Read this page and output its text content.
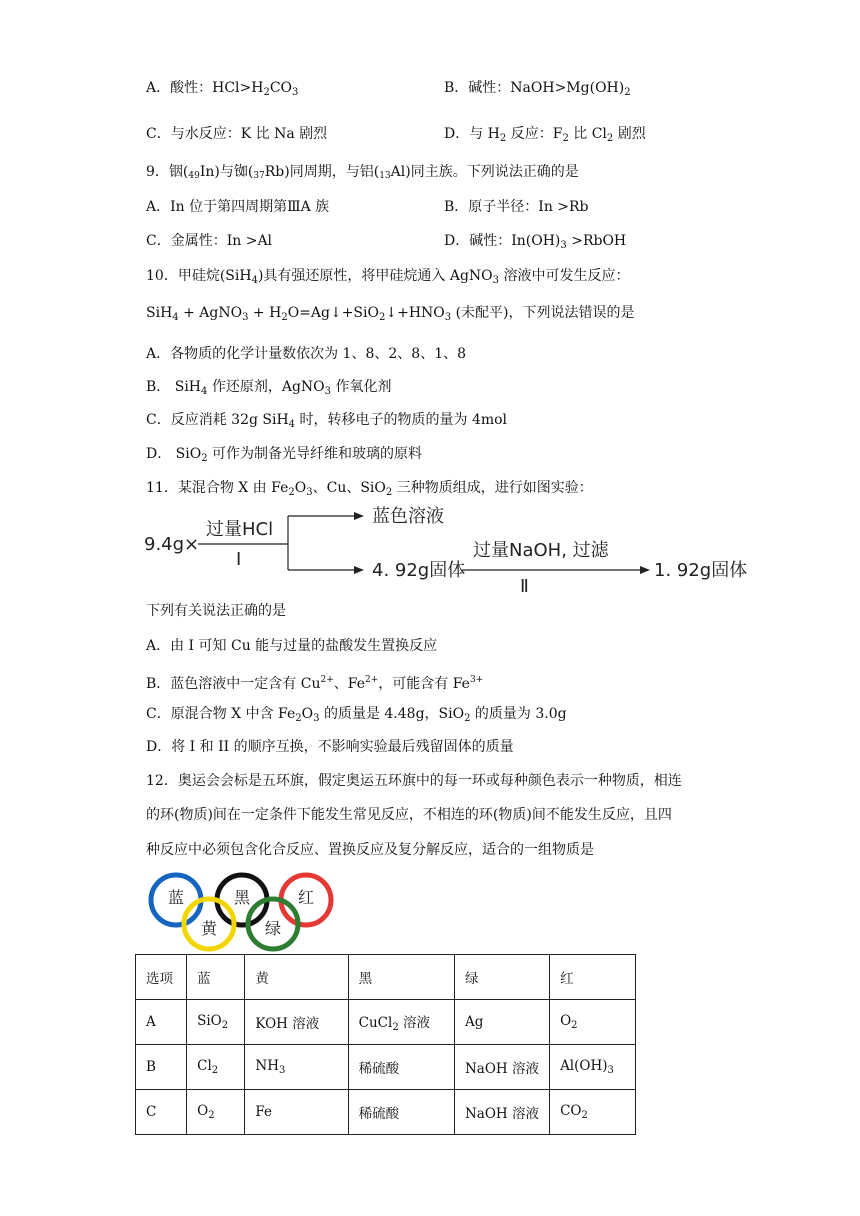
A．酸性：$HCl>H_2CO_3$	B．碱性：$NaOH>Mg(OH)_2$
C．与水反应：K 比 Na 剧烈	D．与 $H_2$ 反应：$F_2$ 比 $Cl_2$ 剧烈
9．铟$(_{49}In)$与铷$(_{37}Rb)$同周期，与铝$(_{13}Al)$同主族。下列说法正确的是
A．In 位于第四周期第ⅢA 族	B．原子半径：In >Rb
C．金属性：In >Al	D．碱性：$In(OH)_3$ >RbOH
10．甲硅烷(SiH$_4$)具有强还原性，将甲硅烷通入 AgNO$_3$ 溶液中可发生反应：
SiH$_4$ + AgNO$_3$ + $H_2O=Ag↓+SiO_2↓+HNO_3$ (未配平)，下列说法错误的是
A．各物质的化学计量数依次为 1、8、2、8、1、8
B． SiH$_4$ 作还原剂，AgNO$_3$ 作氧化剂
C．反应消耗 32g SiH$_4$ 时，转移电子的物质的量为 4mol
D． SiO$_2$ 可作为制备光导纤维和玻璃的原料
11．某混合物 X 由 $Fe_2O_3$、Cu、SiO$_2$ 三种物质组成，进行如图实验：
9.4g×
过量HCl
Ⅰ
蓝色溶液
4. 92g固体
过量NaOH, 过滤
Ⅱ
1. 92g固体
下列有关说法正确的是
A．由 I 可知 Cu 能与过量的盐酸发生置换反应
B．蓝色溶液中一定含有 $Cu^{2+}$、$Fe^{2+}$，可能含有 $Fe^{3+}$
C．原混合物 X 中含 $Fe_2O_3$ 的质量是 4.48g，SiO$_2$ 的质量为 3.0g
D．将 I 和 II 的顺序互换，不影响实验最后残留固体的质量
12．奥运会会标是五环旗，假定奥运五环旗中的每一环或每种颜色表示一种物质，相连
的环(物质)间在一定条件下能发生常见反应，不相连的环(物质)间不能发生反应，且四
种反应中必须包含化合反应、置换反应及复分解反应，适合的一组物质是
蓝	黑	红
黄	绿
选项	蓝	黄	黑	绿	红
A	SiO$_2$	KOH 溶液	CuCl$_2$ 溶液	Ag	$O_2$
B	$Cl_2$	$NH_3$	稀硫酸	NaOH 溶液	$Al(OH)_3$
C	$O_2$	Fe	稀硫酸	NaOH 溶液	$CO_2$
